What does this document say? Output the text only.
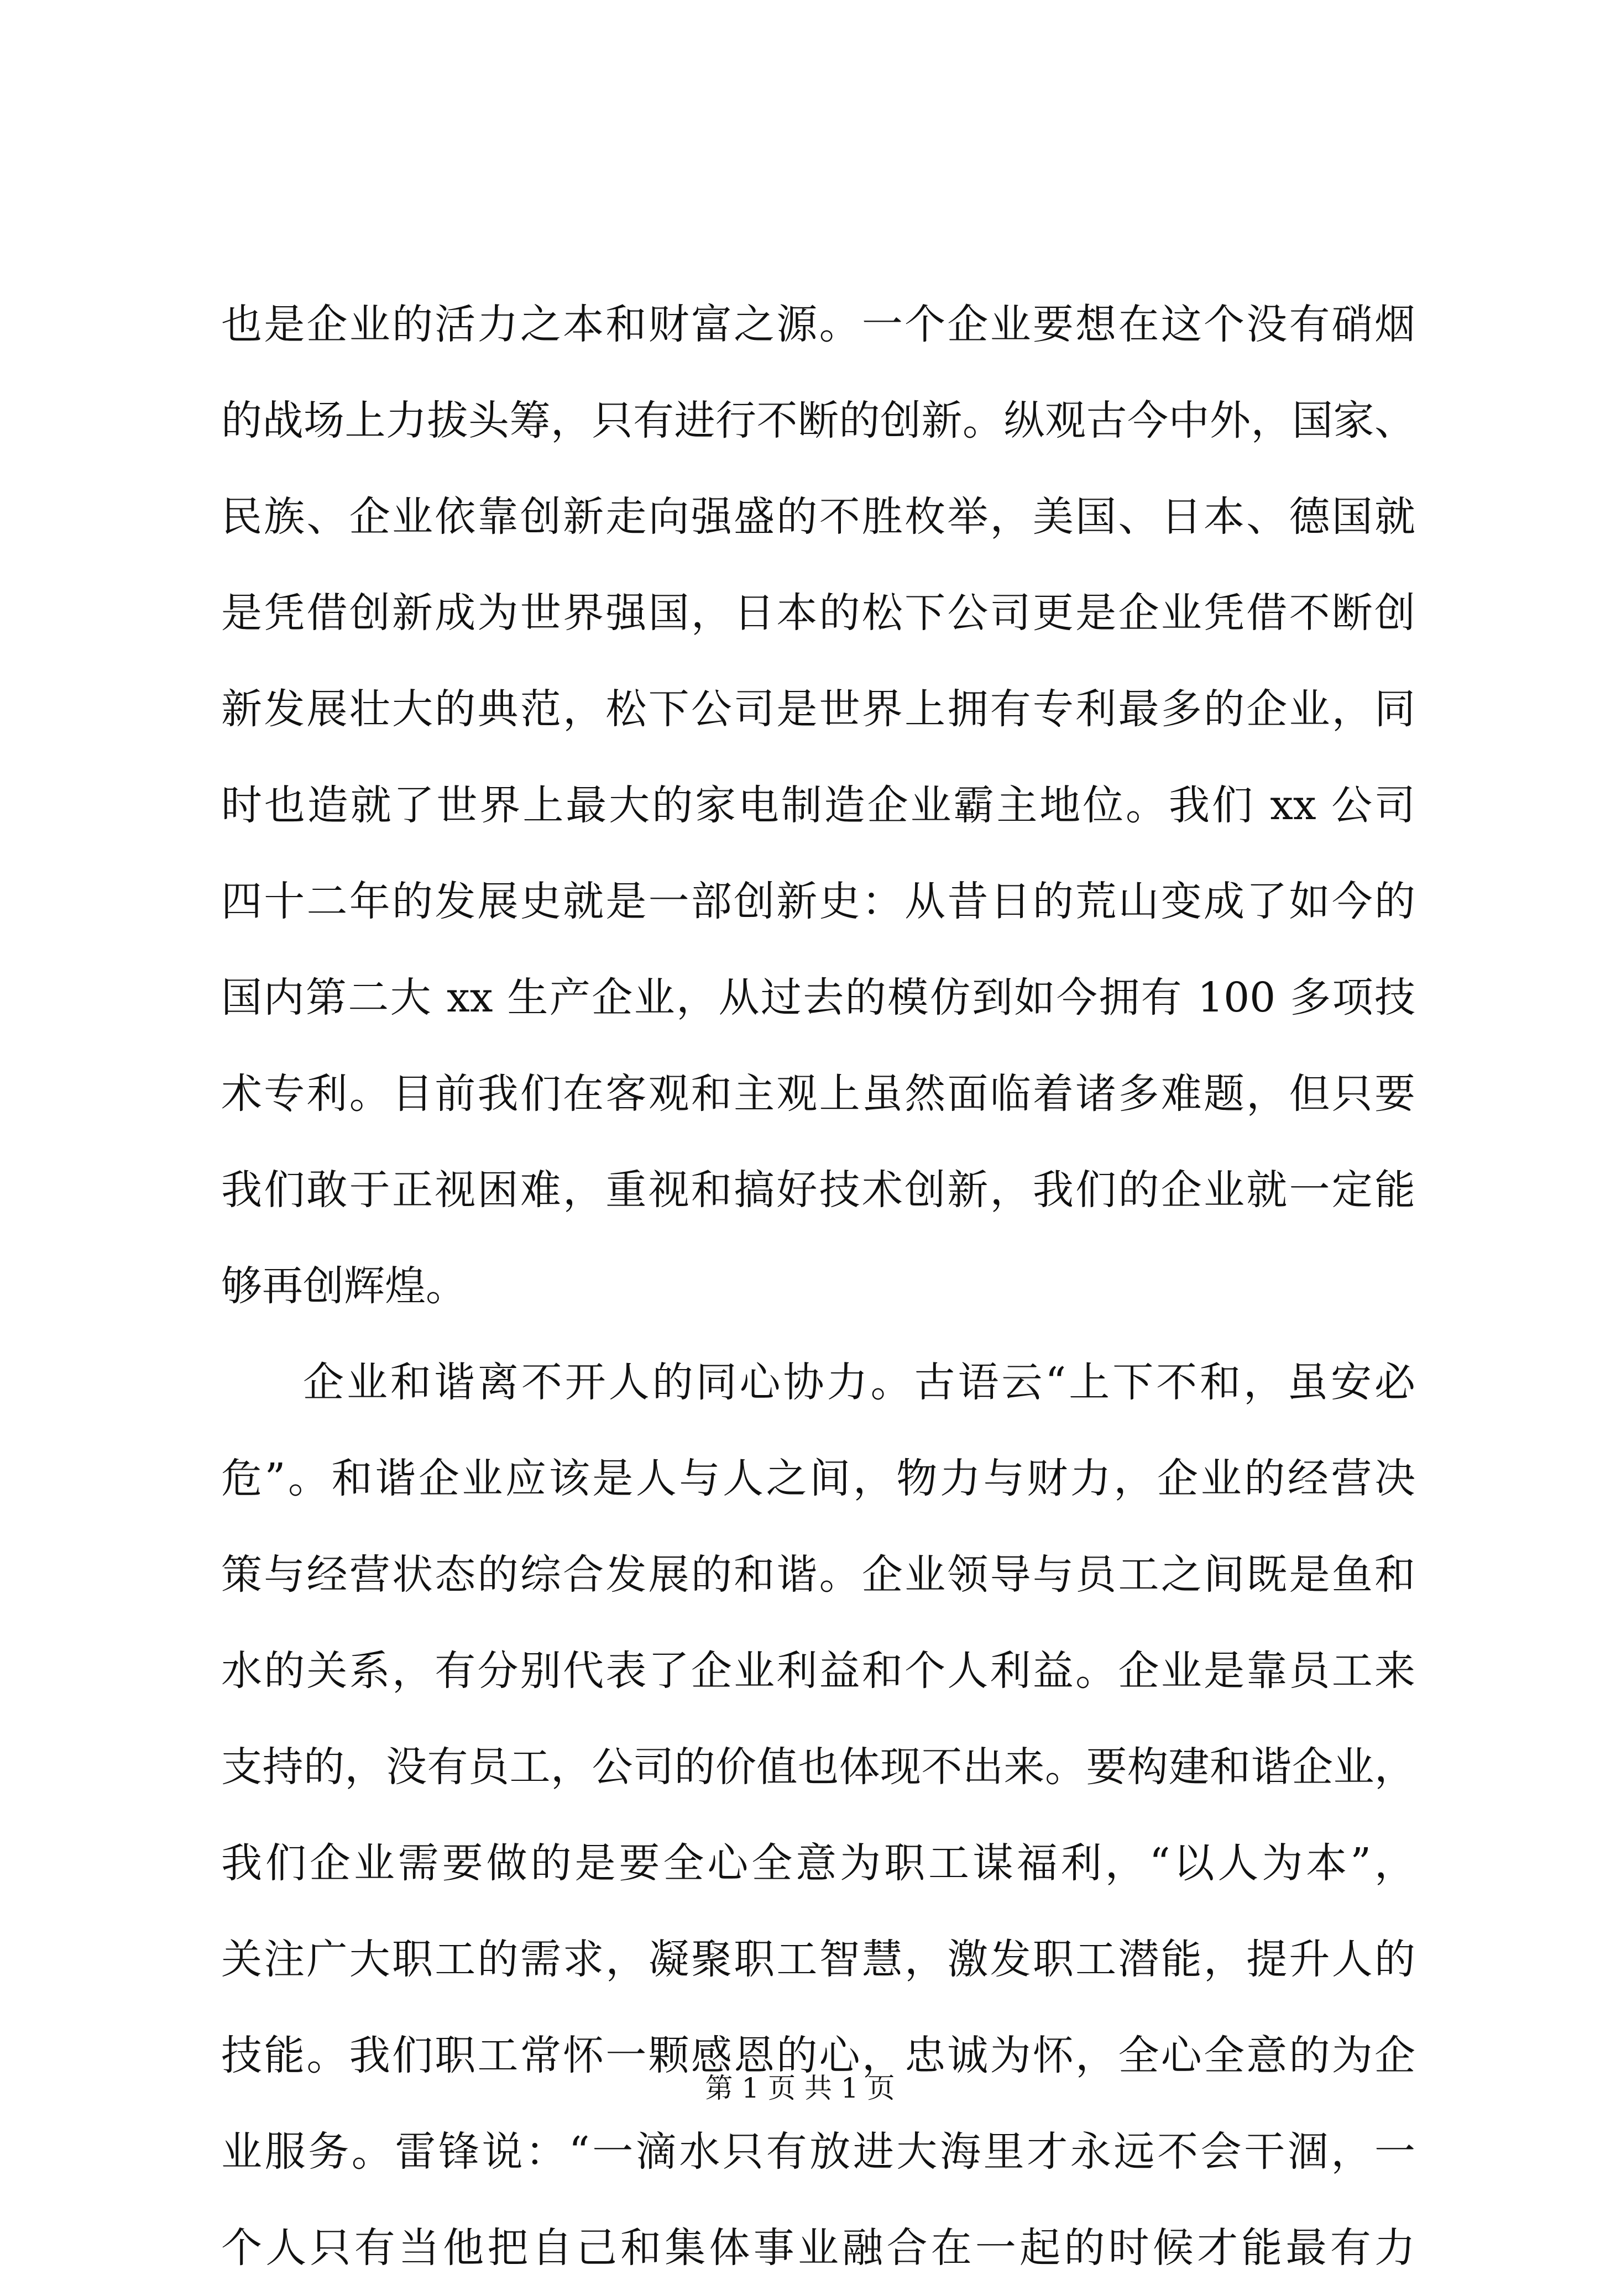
也是企业的活力之本和财富之源。一个企业要想在这个没有硝烟
的战场上力拔头筹，只有进行不断的创新。纵观古今中外，国家、
民族、企业依靠创新走向强盛的不胜枚举，美国、日本、德国就
是凭借创新成为世界强国，日本的松下公司更是企业凭借不断创
新发展壮大的典范，松下公司是世界上拥有专利最多的企业，同
时也造就了世界上最大的家电制造企业霸主地位。我们 xx 公司
四十二年的发展史就是一部创新史：从昔日的荒山变成了如今的
国内第二大 xx 生产企业，从过去的模仿到如今拥有 100 多项技
术专利。目前我们在客观和主观上虽然面临着诸多难题，但只要
我们敢于正视困难，重视和搞好技术创新，我们的企业就一定能
够再创辉煌。
企业和谐离不开人的同心协力。古语云“上下不和，虽安必
危”。和谐企业应该是人与人之间，物力与财力，企业的经营决
策与经营状态的综合发展的和谐。企业领导与员工之间既是鱼和
水的关系，有分别代表了企业利益和个人利益。企业是靠员工来
支持的，没有员工，公司的价值也体现不出来。要构建和谐企业，
我们企业需要做的是要全心全意为职工谋福利，“以人为本”，
关注广大职工的需求，凝聚职工智慧，激发职工潜能，提升人的
技能。我们职工常怀一颗感恩的心，忠诚为怀，全心全意的为企
业服务。雷锋说：“一滴水只有放进大海里才永远不会干涸，一
个人只有当他把自己和集体事业融合在一起的时候才能最有力
第 1 页 共 1 页
